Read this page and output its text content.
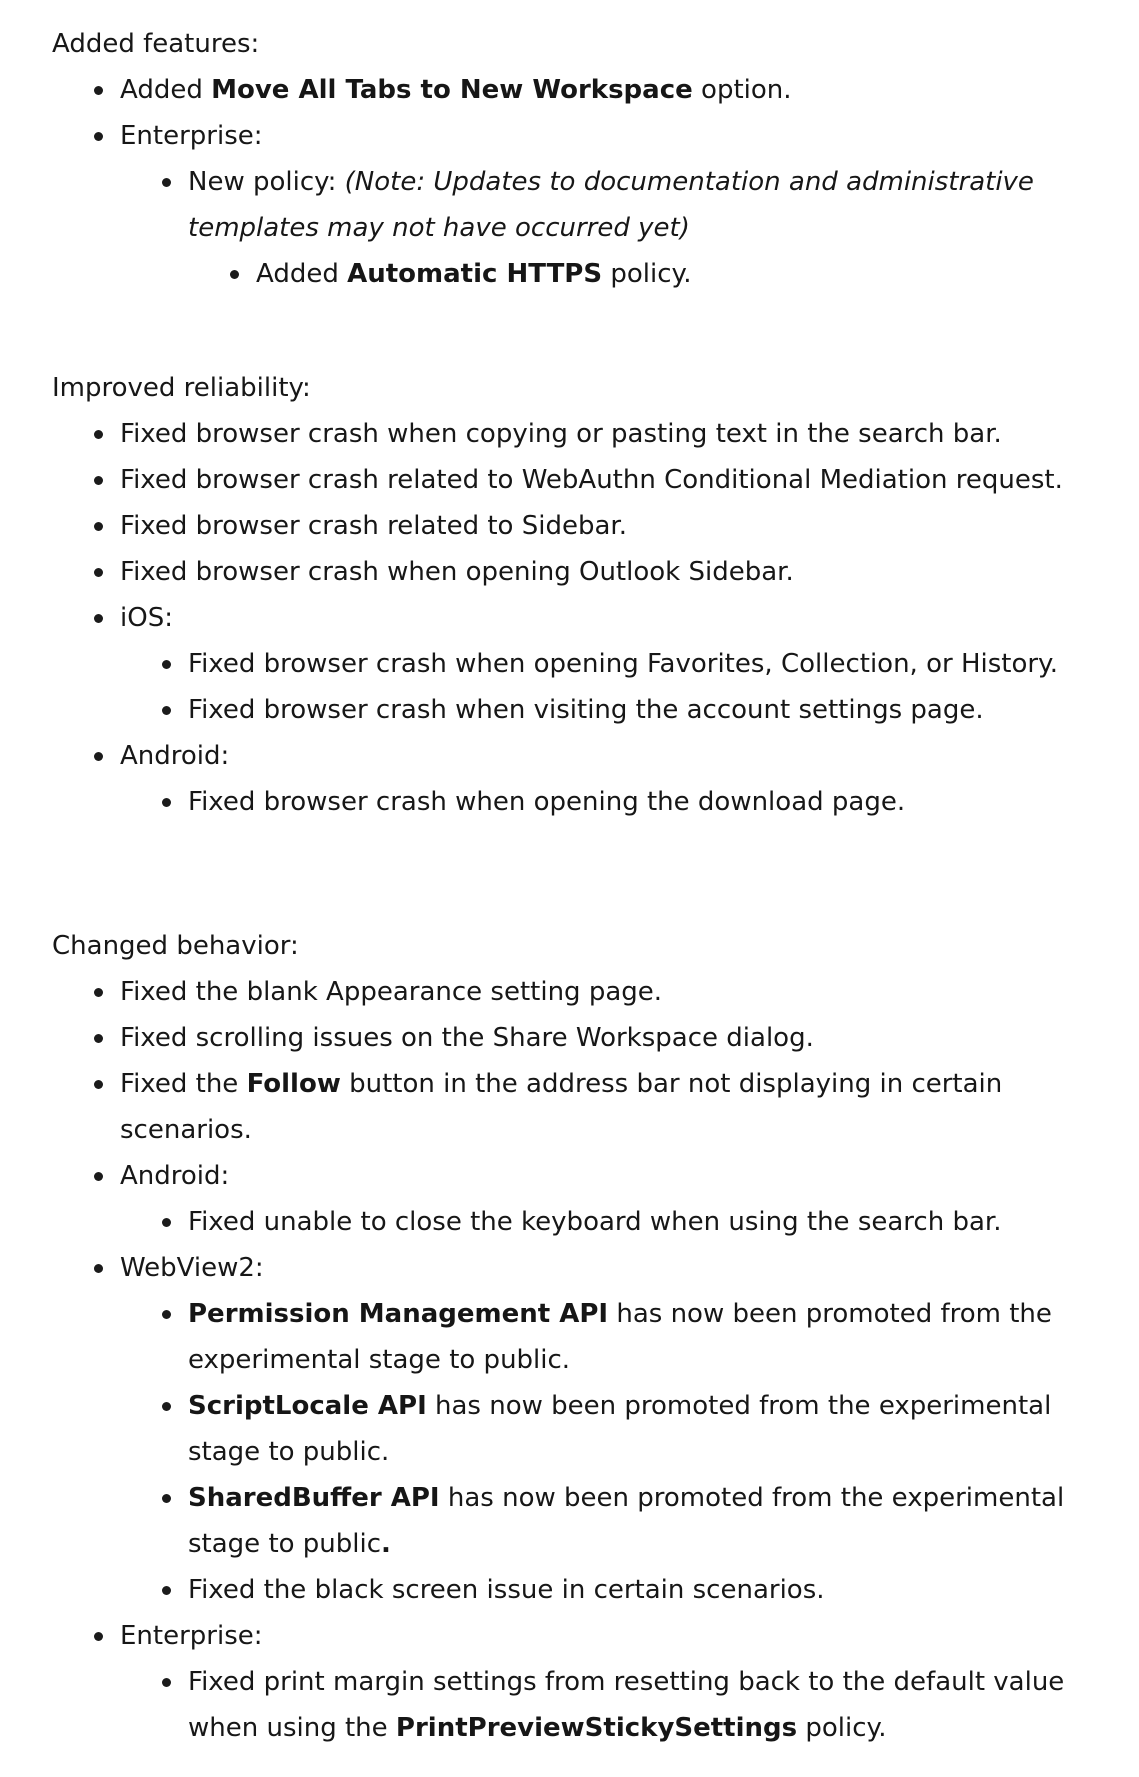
Added features:

Added Move All Tabs to New Workspace option.
Enterprise:
New policy: (Note: Updates to documentation and administrative templates may not have occurred yet)
Added Automatic HTTPS policy.

Improved reliability:

Fixed browser crash when copying or pasting text in the search bar.
Fixed browser crash related to WebAuthn Conditional Mediation request.
Fixed browser crash related to Sidebar.
Fixed browser crash when opening Outlook Sidebar.
iOS:
Fixed browser crash when opening Favorites, Collection, or History.
Fixed browser crash when visiting the account settings page.
Android:
Fixed browser crash when opening the download page.

Changed behavior:

Fixed the blank Appearance setting page.
Fixed scrolling issues on the Share Workspace dialog.
Fixed the Follow button in the address bar not displaying in certain scenarios.
Android:
Fixed unable to close the keyboard when using the search bar.
WebView2:
Permission Management API has now been promoted from the experimental stage to public.
ScriptLocale API has now been promoted from the experimental stage to public.
SharedBuffer API has now been promoted from the experimental stage to public.
Fixed the black screen issue in certain scenarios.
Enterprise:
Fixed print margin settings from resetting back to the default value when using the PrintPreviewStickySettings policy.
